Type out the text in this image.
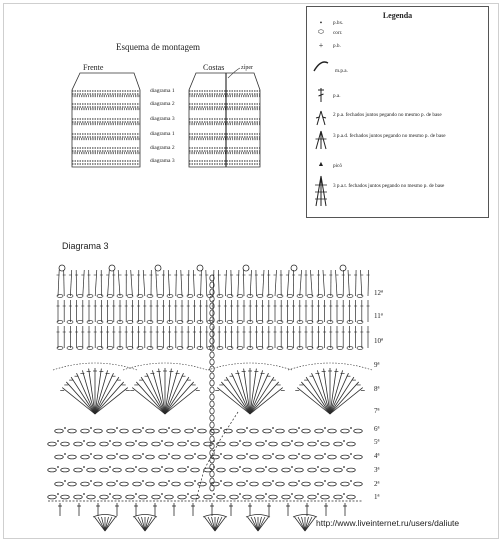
Esquema de montagem
Frente	Costas	zíper
diagrama 1
diagrama 2
diagrama 3
diagrama 1
diagrama 2
diagrama 3
Legenda
•	p.bx.
⬭	corr.
+	p.b.
m.p.a.
p.a.
2 p.a. fechados juntos pegando no mesmo p. de base
3 p.a.d. fechados juntos pegando no mesmo p. de base
▲	picô
3 p.a.t. fechados juntos pegando no mesmo p. de base
Diagrama 3
12ª
11ª
10ª
9ª
8ª
7ª
6ª
5ª
4ª
3ª
2ª
1ª
http://www.liveinternet.ru/users/daliute
